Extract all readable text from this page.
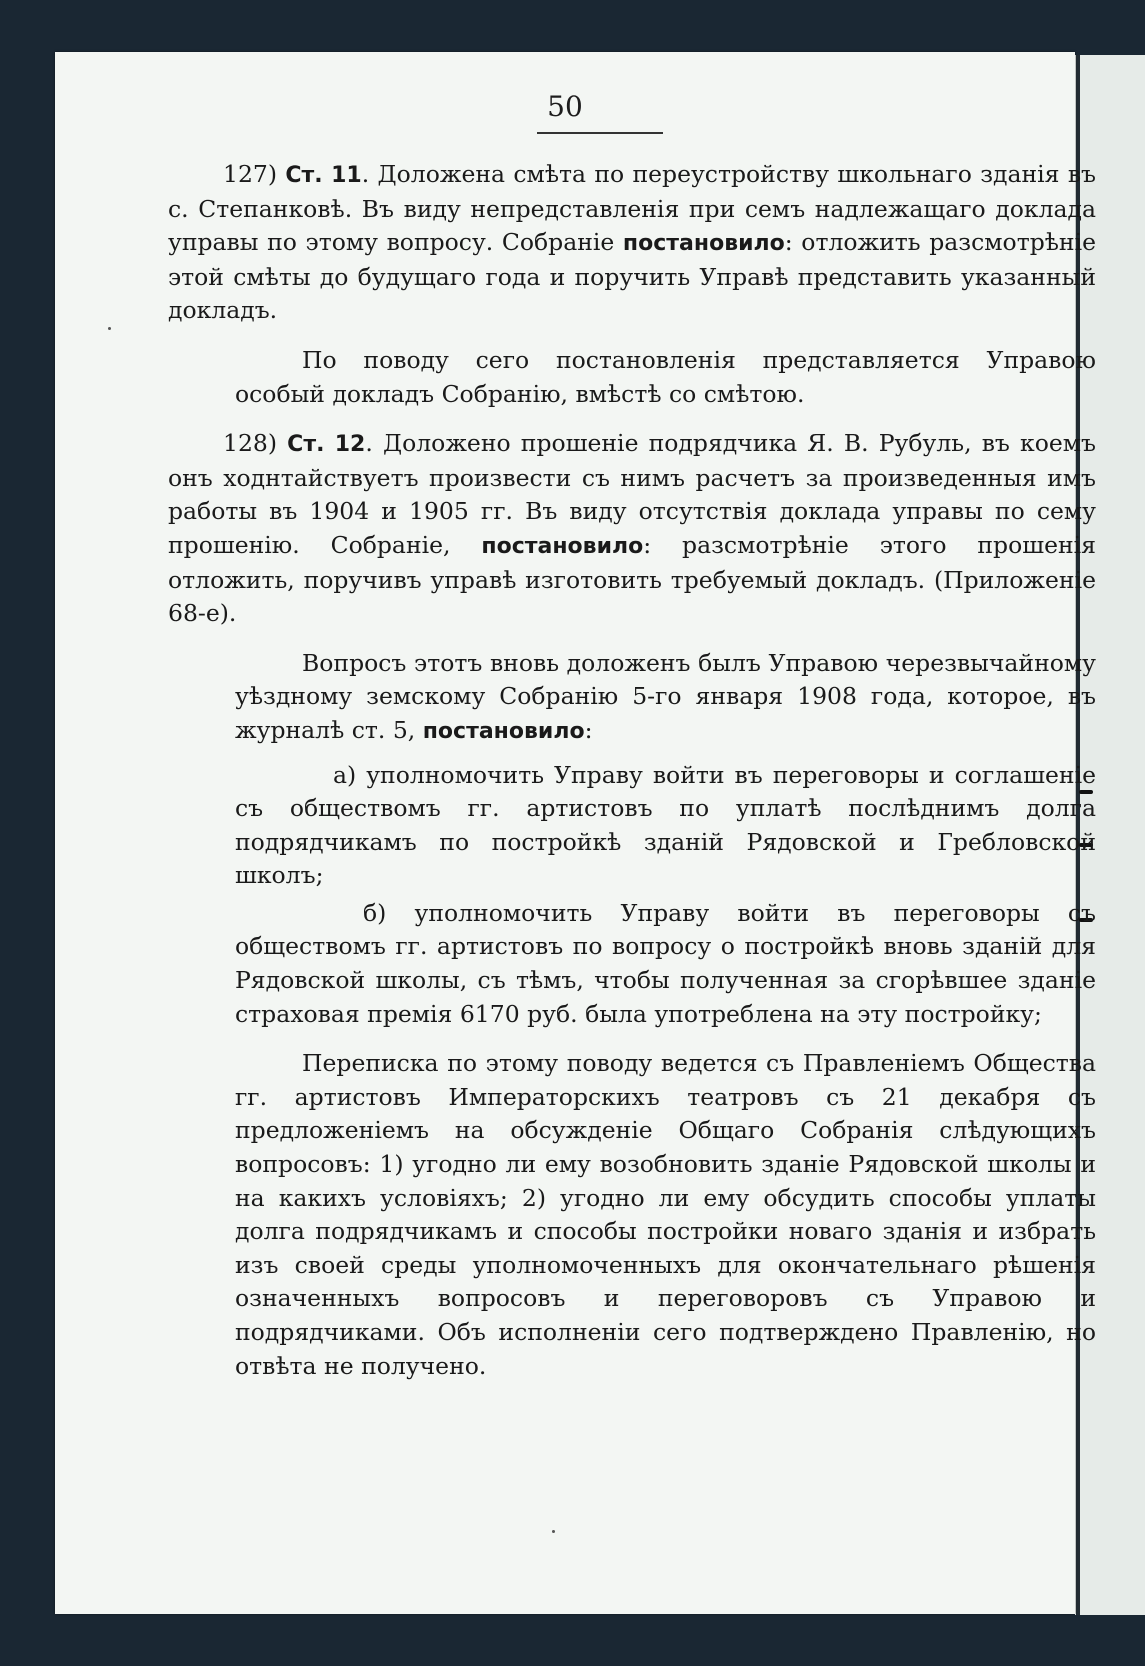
50

127) Ст. 11. Доложена смѣта по переустройству школьнаго зданія въ с. Степанковѣ. Въ виду непредставленія при семъ надлежащаго доклада управы по этому вопросу. Собраніе постановило: отложить разсмотрѣніе этой смѣты до будущаго года и поручить Управѣ представить указанный докладъ.

По поводу сего постановленія представляется Управою особый докладъ Собранію, вмѣстѣ со смѣтою.

128) Ст. 12. Доложено прошеніе подрядчика Я. В. Рубуль, въ коемъ онъ ходнтайствуетъ произвести съ нимъ расчетъ за произведенныя имъ работы въ 1904 и 1905 гг. Въ виду отсутствія доклада управы по сему прошенію. Собраніе, постановило: разсмотрѣніе этого прошенія отложить, поручивъ управѣ изготовить требуемый докладъ. (Приложеніе 68-е).

Вопросъ этотъ вновь доложенъ былъ Управою черезвычайному уѣздному земскому Собранію 5-го января 1908 года, которое, въ журналѣ ст. 5, постановило:

а) уполномочить Управу войти въ переговоры и соглашеніе съ обществомъ гг. артистовъ по уплатѣ послѣднимъ долга подрядчикамъ по постройкѣ зданій Рядовской и Гребловской школъ;

б) уполномочить Управу войти въ переговоры съ обществомъ гг. артистовъ по вопросу о постройкѣ вновь зданій для Рядовской школы, съ тѣмъ, чтобы полученная за сгорѣвшее зданіе страховая премія 6170 руб. была употреблена на эту постройку;

Переписка по этому поводу ведется съ Правленіемъ Общества гг. артистовъ Императорскихъ театровъ съ 21 декабря съ предложеніемъ на обсужденіе Общаго Собранія слѣдующихъ вопросовъ: 1) угодно ли ему возобновить зданіе Рядовской школы и на какихъ условіяхъ; 2) угодно ли ему обсудить способы уплаты долга подрядчикамъ и способы постройки новаго зданія и избрать изъ своей среды уполномоченныхъ для окончательнаго рѣшенія означенныхъ вопросовъ и переговоровъ съ Управою и подрядчиками. Объ исполненіи сего подтверждено Правленію, но отвѣта не получено.
